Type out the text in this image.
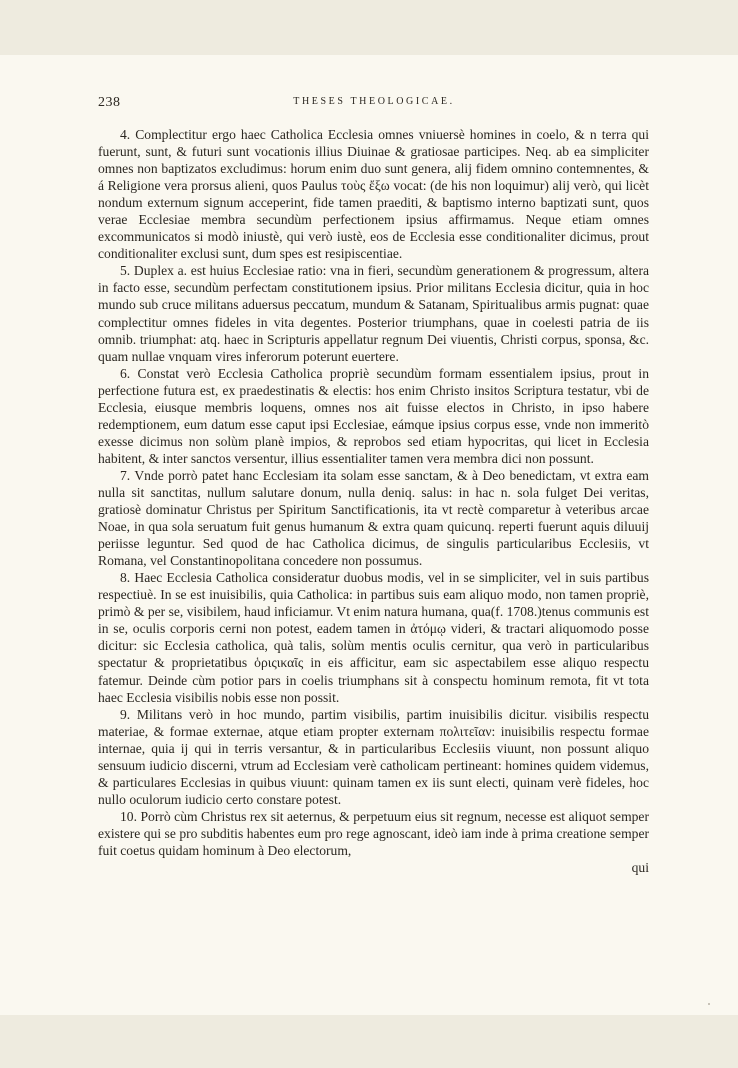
238	THESES THEOLOGICAE.

4. Complectitur ergo haec Catholica Ecclesia omnes vniuersè homines in coelo, & n terra qui fuerunt, sunt, & futuri sunt vocationis illius Diuinae & gratiosae participes. Neq. ab ea simpliciter omnes non baptizatos excludimus: horum enim duo sunt genera, alij fidem omnino contemnentes, & á Religione vera prorsus alieni, quos Paulus τοὺς ἔξω vocat: (de his non loquimur) alij verò, qui licèt nondum externum signum acceperint, fide tamen praediti, & baptismo interno baptizati sunt, quos verae Ecclesiae membra secundùm perfectionem ipsius affirmamus. Neque etiam omnes excommunicatos si modò iniustè, qui verò iustè, eos de Ecclesia esse conditionaliter dicimus, prout conditionaliter exclusi sunt, dum spes est resipiscentiae.

5. Duplex a. est huius Ecclesiae ratio: vna in fieri, secundùm generationem & progressum, altera in facto esse, secundùm perfectam constitutionem ipsius. Prior militans Ecclesia dicitur, quia in hoc mundo sub cruce militans aduersus peccatum, mundum & Satanam, Spiritualibus armis pugnat: quae complectitur omnes fideles in vita degentes. Posterior triumphans, quae in coelesti patria de iis omnib. triumphat: atq. haec in Scripturis appellatur regnum Dei viuentis, Christi corpus, sponsa, &c. quam nullae vnquam vires inferorum poterunt euertere.

6. Constat verò Ecclesia Catholica propriè secundùm formam essentialem ipsius, prout in perfectione futura est, ex praedestinatis & electis: hos enim Christo insitos Scriptura testatur, vbi de Ecclesia, eiusque membris loquens, omnes nos ait fuisse electos in Christo, in ipso habere redemptionem, eum datum esse caput ipsi Ecclesiae, eámque ipsius corpus esse, vnde non immeritò exesse dicimus non solùm planè impios, & reprobos sed etiam hypocritas, qui licet in Ecclesia habitent, & inter sanctos versentur, illius essentialiter tamen vera membra dici non possunt.

7. Vnde porrò patet hanc Ecclesiam ita solam esse sanctam, & à Deo benedictam, vt extra eam nulla sit sanctitas, nullum salutare donum, nulla deniq. salus: in hac n. sola fulget Dei veritas, gratiosè dominatur Christus per Spiritum Sanctificationis, ita vt rectè comparetur à veteribus arcae Noae, in qua sola seruatum fuit genus humanum & extra quam quicunq. reperti fuerunt aquis diluuij periisse leguntur. Sed quod de hac Catholica dicimus, de singulis particularibus Ecclesiis, vt Romana, vel Constantinopolitana concedere non possumus.

8. Haec Ecclesia Catholica consideratur duobus modis, vel in se simpliciter, vel in suis partibus respectiuè. In se est inuisibilis, quia Catholica: in partibus suis eam aliquo modo, non tamen propriè, primò & per se, visibilem, haud inficiamur. Vt enim natura humana, qua(f. 1708.)tenus communis est in se, oculis corporis cerni non potest, eadem tamen in ἀτόμῳ videri, & tractari aliquomodo posse dicitur: sic Ecclesia catholica, quà talis, solùm mentis oculis cernitur, qua verò in particularibus spectatur & proprietatibus ὁριςικαῖς in eis afficitur, eam sic aspectabilem esse aliquo respectu fatemur. Deinde cùm potior pars in coelis triumphans sit à conspectu hominum remota, fit vt tota haec Ecclesia visibilis nobis esse non possit.

9. Militans verò in hoc mundo, partim visibilis, partim inuisibilis dicitur. visibilis respectu materiae, & formae externae, atque etiam propter externam πολιτεῖαν: inuisibilis respectu formae internae, quia ij qui in terris versantur, & in particularibus Ecclesiis viuunt, non possunt aliquo sensuum iudicio discerni, vtrum ad Ecclesiam verè catholicam pertineant: homines quidem videmus, & particulares Ecclesias in quibus viuunt: quinam tamen ex iis sunt electi, quinam verè fideles, hoc nullo oculorum iudicio certo constare potest.

10. Porrò cùm Christus rex sit aeternus, & perpetuum eius sit regnum, necesse est aliquot semper existere qui se pro subditis habentes eum pro rege agnoscant, ideò iam inde à prima creatione semper fuit coetus quidam hominum à Deo electorum,

qui
